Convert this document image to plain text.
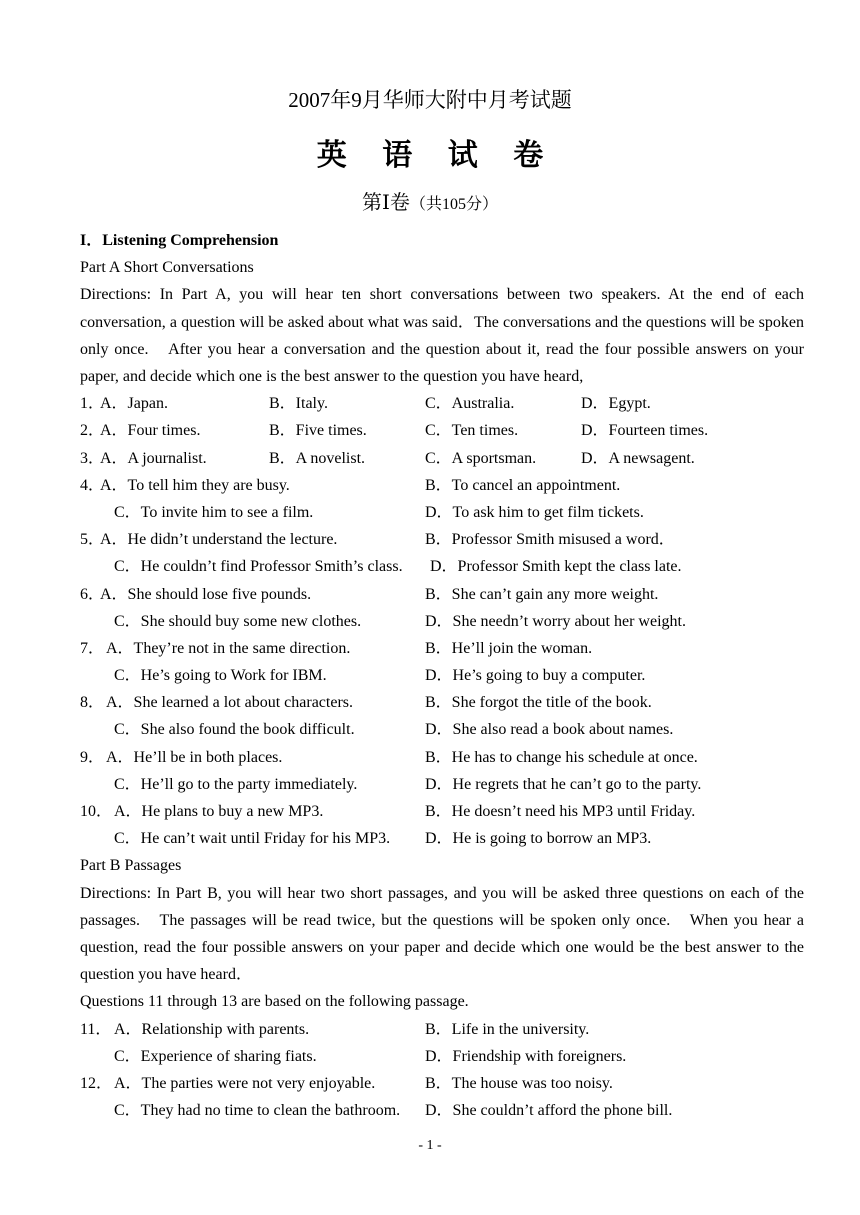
2007年9月华师大附中月考试题
英 语 试 卷
第Ⅰ卷（共105分）
I．Listening Comprehension
Part A Short Conversations
Directions: In Part A, you will hear ten short conversations between two speakers. At the end of each conversation, a question will be asked about what was said．The conversations and the questions will be spoken only once.　After you hear a conversation and the question about it, read the four possible answers on your paper, and decide which one is the best answer to the question you have heard,
1．
A．Japan.	B．Italy.	C．Australia.	D．Egypt.
2．
A．Four times.	B．Five times.	C．Ten times.	D．Fourteen times.
3．
A．A journalist.	B．A novelist.	C．A sportsman.	D．A newsagent.
4．
A．To tell him they are busy.	B．To cancel an appointment.
C．To invite him to see a film.	D．To ask him to get film tickets.
5．
A．He didn’t understand the lecture.	B．Professor Smith misused a word．
C．He couldn’t find Professor Smith’s class. D．Professor Smith kept the class late.
6．
A．She should lose five pounds.	B．She can’t gain any more weight.
C．She should buy some new clothes.	D．She needn’t worry about her weight.
7． A．They’re not in the same direction.	B．He’ll join the woman.
C．He’s going to Work for IBM.	D．He’s going to buy a computer.
8． A．She learned a lot about characters.	B．She forgot the title of the book.
C．She also found the book difficult.	D．She also read a book about names.
9． A．He’ll be in both places.	B．He has to change his schedule at once.
C．He’ll go to the party immediately.	D．He regrets that he can’t go to the party.
10． A．He plans to buy a new MP3.	B．He doesn’t need his MP3 until Friday.
C．He can’t wait until Friday for his MP3. D．He is going to borrow an MP3.
Part B Passages
Directions: In Part B, you will hear two short passages, and you will be asked three questions on each of the passages.　The passages will be read twice, but the questions will be spoken only once.　When you hear a question, read the four possible answers on your paper and decide which one would be the best answer to the question you have heard．
Questions 11 through 13 are based on the following passage.
11． A．Relationship with parents.	B．Life in the university.
C．Experience of sharing fiats.	D．Friendship with foreigners.
12． A．The parties were not very enjoyable.	B．The house was too noisy.
C．They had no time to clean the bathroom. D．She couldn’t afford the phone bill.
- 1 -
